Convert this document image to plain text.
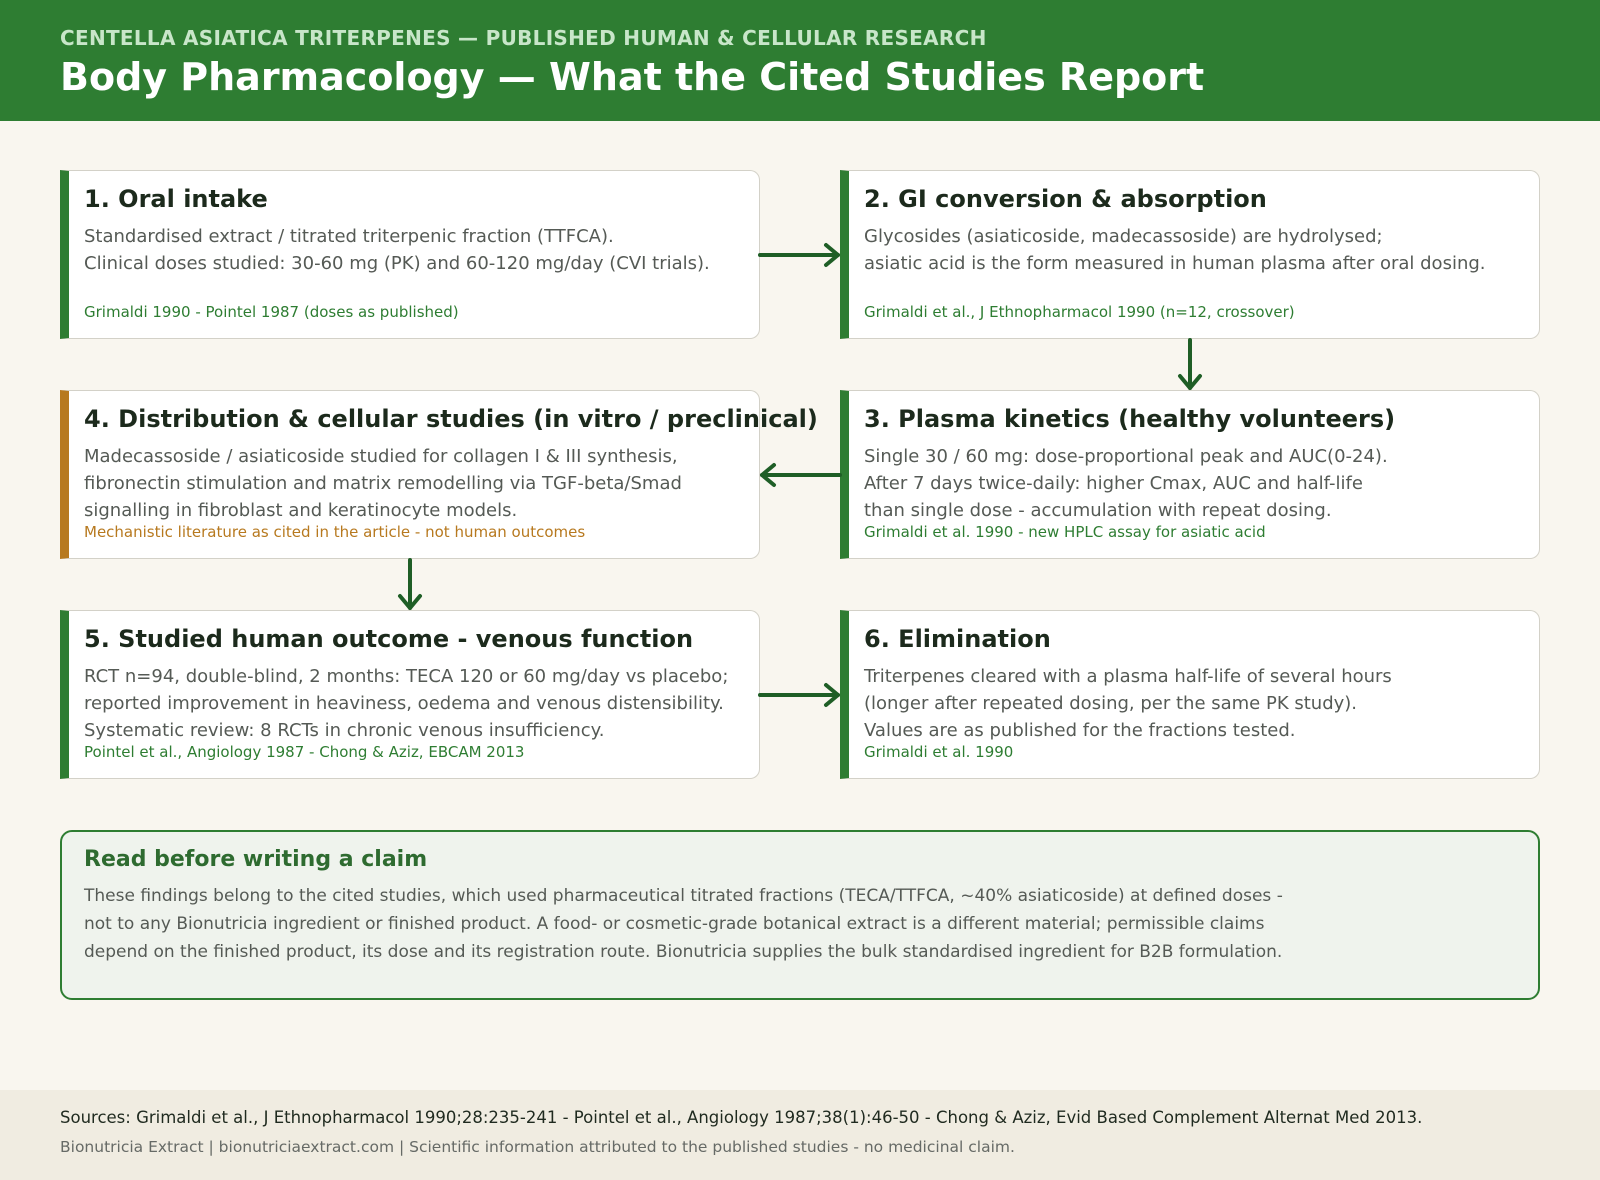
CENTELLA ASIATICA TRITERPENES — PUBLISHED HUMAN & CELLULAR RESEARCH
Body Pharmacology — What the Cited Studies Report
1. Oral intake
Standardised extract / titrated triterpenic fraction (TTFCA).
Clinical doses studied: 30-60 mg (PK) and 60-120 mg/day (CVI trials).
Grimaldi 1990 - Pointel 1987 (doses as published)
2. GI conversion & absorption
Glycosides (asiaticoside, madecassoside) are hydrolysed;
asiatic acid is the form measured in human plasma after oral dosing.
Grimaldi et al., J Ethnopharmacol 1990 (n=12, crossover)
4. Distribution & cellular studies (in vitro / preclinical)
Madecassoside / asiaticoside studied for collagen I & III synthesis,
fibronectin stimulation and matrix remodelling via TGF-beta/Smad
signalling in fibroblast and keratinocyte models.
Mechanistic literature as cited in the article - not human outcomes
3. Plasma kinetics (healthy volunteers)
Single 30 / 60 mg: dose-proportional peak and AUC(0-24).
After 7 days twice-daily: higher Cmax, AUC and half-life
than single dose - accumulation with repeat dosing.
Grimaldi et al. 1990 - new HPLC assay for asiatic acid
5. Studied human outcome - venous function
RCT n=94, double-blind, 2 months: TECA 120 or 60 mg/day vs placebo;
reported improvement in heaviness, oedema and venous distensibility.
Systematic review: 8 RCTs in chronic venous insufficiency.
Pointel et al., Angiology 1987 - Chong & Aziz, EBCAM 2013
6. Elimination
Triterpenes cleared with a plasma half-life of several hours
(longer after repeated dosing, per the same PK study).
Values are as published for the fractions tested.
Grimaldi et al. 1990
Read before writing a claim
These findings belong to the cited studies, which used pharmaceutical titrated fractions (TECA/TTFCA, ~40% asiaticoside) at defined doses -
not to any Bionutricia ingredient or finished product. A food- or cosmetic-grade botanical extract is a different material; permissible claims
depend on the finished product, its dose and its registration route. Bionutricia supplies the bulk standardised ingredient for B2B formulation.
Sources: Grimaldi et al., J Ethnopharmacol 1990;28:235-241 - Pointel et al., Angiology 1987;38(1):46-50 - Chong & Aziz, Evid Based Complement Alternat Med 2013.
Bionutricia Extract | bionutriciaextract.com | Scientific information attributed to the published studies - no medicinal claim.
